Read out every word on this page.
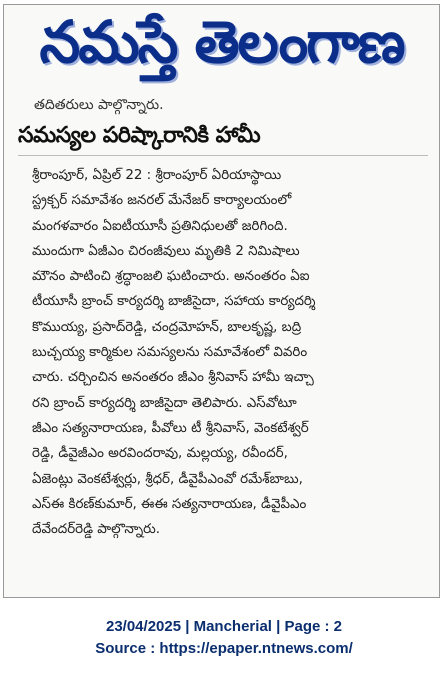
నమస్తే తెలంగాణ
తదితరులు పాల్గొన్నారు.
సమస్యల పరిష్కారానికి హామీ

శ్రీరాంపూర్, ఏప్రిల్ 22 : శ్రీరాంపూర్ ఏరియాస్థాయి
స్ట్రక్చర్ సమావేశం జనరల్ మేనేజర్ కార్యాలయంలో
మంగళవారం ఏఐటీయూసీ ప్రతినిధులతో జరిగింది.
ముందుగా ఏజీఎం చిరంజీవులు మృతికి 2 నిమిషాలు
మౌనం పాటించి శ్రద్ధాంజలి ఘటించారు. అనంతరం ఏఐ
టీయూసీ బ్రాంచ్ కార్యదర్శి బాజీసైదా, సహాయ కార్యదర్శి
కొముయ్య, ప్రసాద్‌రెడ్డి, చంద్రమోహన్, బాలకృష్ణ, బద్రి
బుచ్చయ్య కార్మికుల సమస్యలను సమావేశంలో వివరిం
చారు. చర్చించిన అనంతరం జీఎం శ్రీనివాస్ హామీ ఇచ్చా
రని బ్రాంచ్ కార్యదర్శి బాజీసైదా తెలిపారు. ఎస్‌వోటూ
జీఎం సత్యనారాయణ, పీవోలు టీ శ్రీనివాస్, వెంకటేశ్వర్
రెడ్డి, డీవైజీఎం అరవిందరావు, మల్లయ్య, రవీందర్,
ఏజెంట్లు వెంకటేశ్వర్లు, శ్రీధర్, డీవైపీఎంవో రమేశ్‌బాబు,
ఎస్ఈ కిరణ్‌కుమార్, ఈఈ సత్యనారాయణ, డీవైపీఎం
దేవేందర్‌రెడ్డి పాల్గొన్నారు.

23/04/2025 | Mancherial | Page : 2
Source : https://epaper.ntnews.com/
